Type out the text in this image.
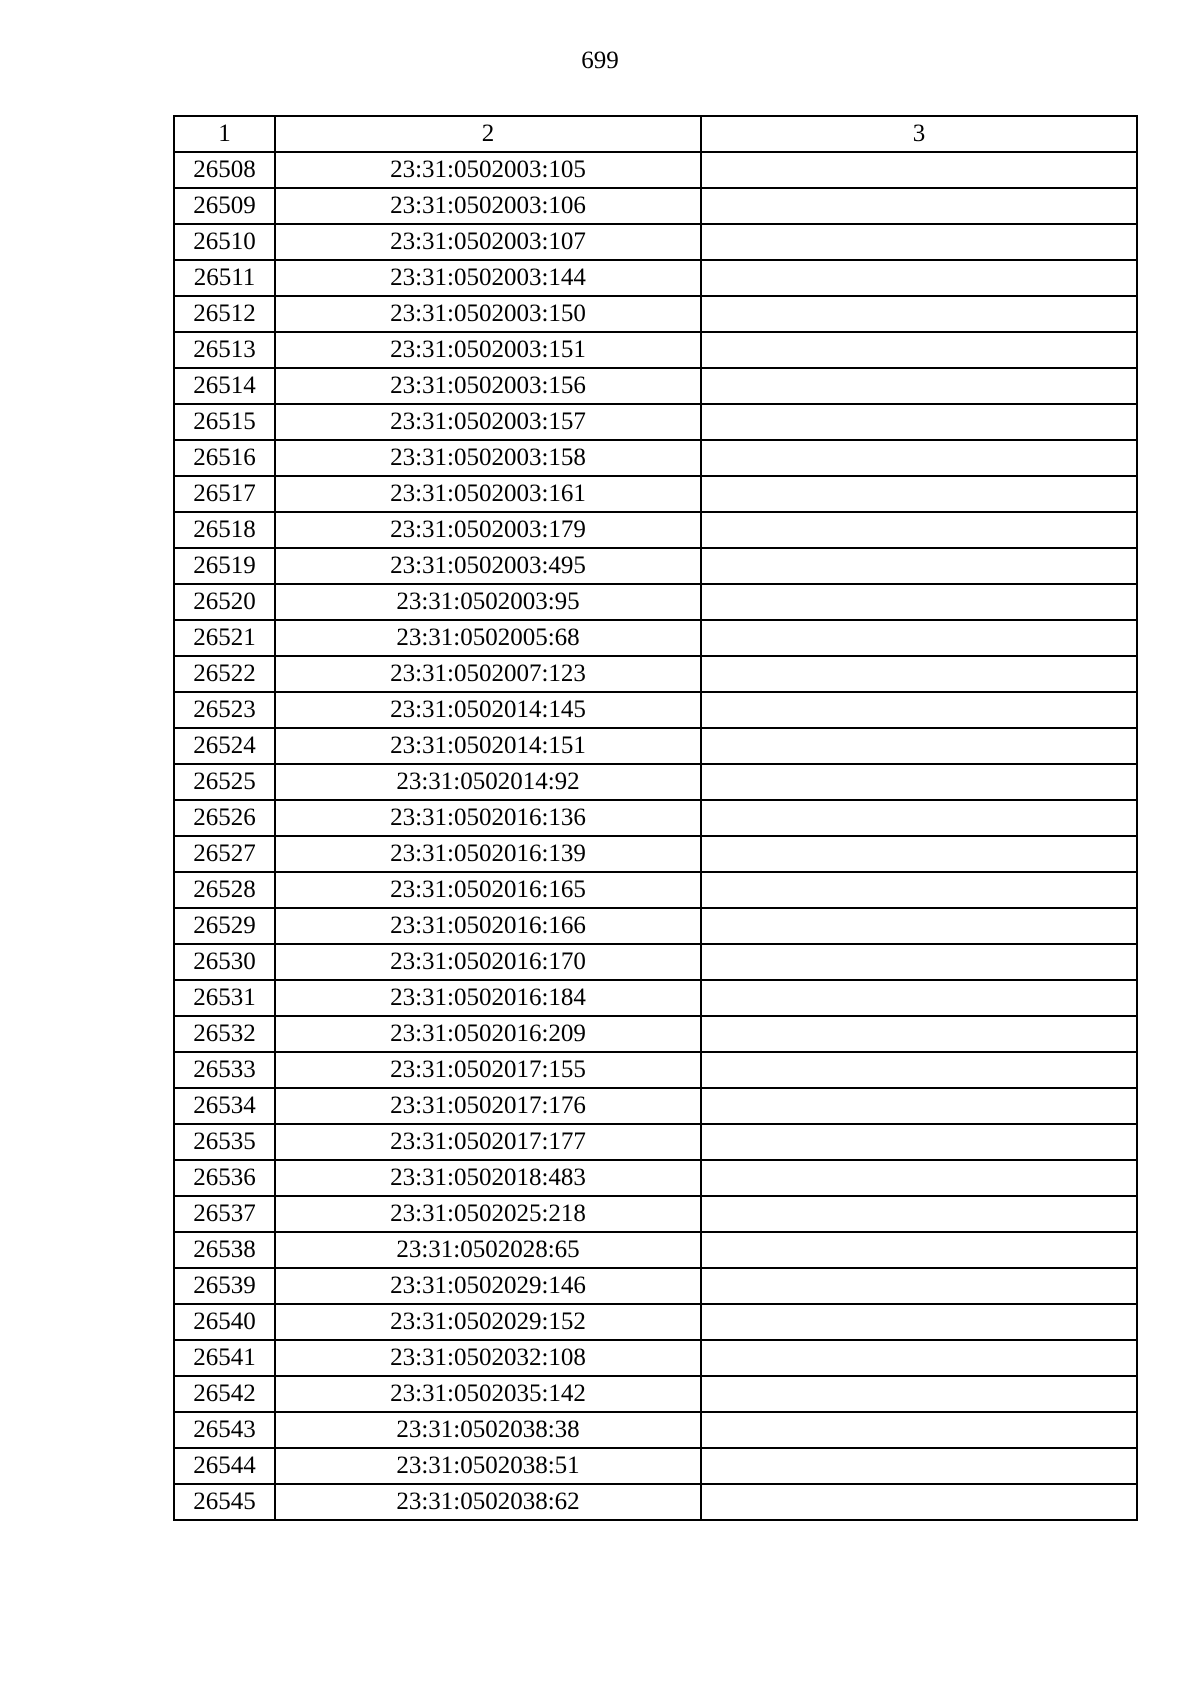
699
1	2	3
26508	23:31:0502003:105	
26509	23:31:0502003:106	
26510	23:31:0502003:107	
26511	23:31:0502003:144	
26512	23:31:0502003:150	
26513	23:31:0502003:151	
26514	23:31:0502003:156	
26515	23:31:0502003:157	
26516	23:31:0502003:158	
26517	23:31:0502003:161	
26518	23:31:0502003:179	
26519	23:31:0502003:495	
26520	23:31:0502003:95	
26521	23:31:0502005:68	
26522	23:31:0502007:123	
26523	23:31:0502014:145	
26524	23:31:0502014:151	
26525	23:31:0502014:92	
26526	23:31:0502016:136	
26527	23:31:0502016:139	
26528	23:31:0502016:165	
26529	23:31:0502016:166	
26530	23:31:0502016:170	
26531	23:31:0502016:184	
26532	23:31:0502016:209	
26533	23:31:0502017:155	
26534	23:31:0502017:176	
26535	23:31:0502017:177	
26536	23:31:0502018:483	
26537	23:31:0502025:218	
26538	23:31:0502028:65	
26539	23:31:0502029:146	
26540	23:31:0502029:152	
26541	23:31:0502032:108	
26542	23:31:0502035:142	
26543	23:31:0502038:38	
26544	23:31:0502038:51	
26545	23:31:0502038:62	
